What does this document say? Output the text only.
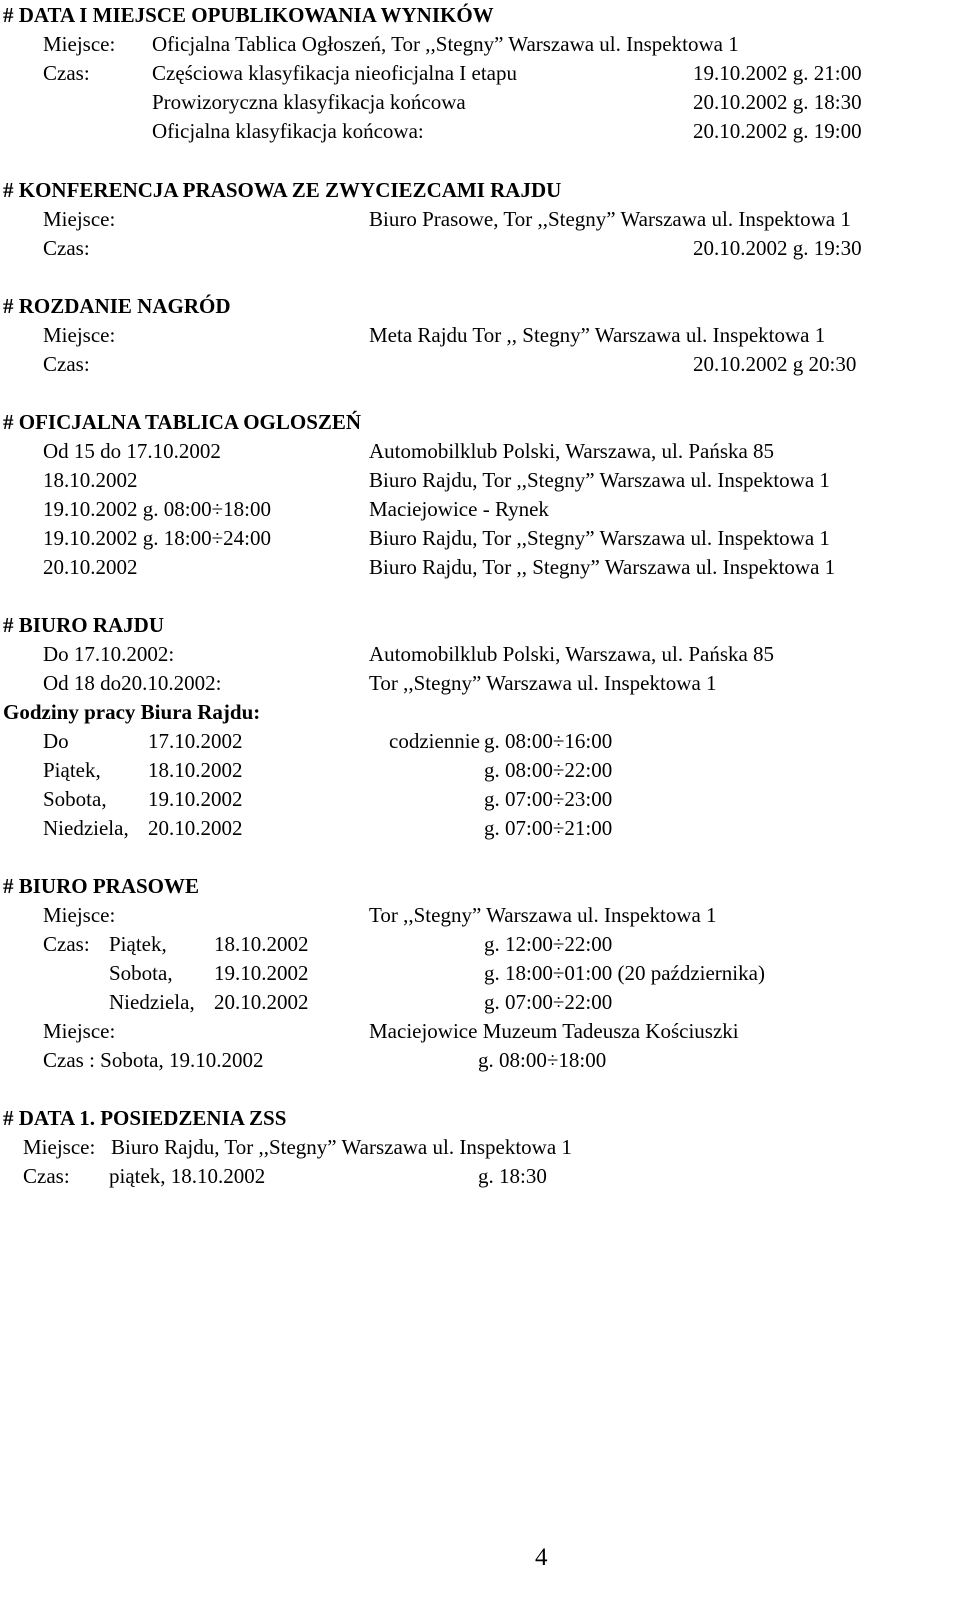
# DATA I MIEJSCE OPUBLIKOWANIA WYNIKÓW
Miejsce: Oficjalna Tablica Ogłoszeń, Tor ,,Stegny” Warszawa ul. Inspektowa 1
Czas:	Częściowa klasyfikacja nieoficjalna I etapu	19.10.2002 g. 21:00
Prowizoryczna klasyfikacja końcowa	20.10.2002 g. 18:30
Oficjalna klasyfikacja końcowa:	20.10.2002 g. 19:00
# KONFERENCJA PRASOWA ZE ZWYCIEZCAMI RAJDU
Miejsce:	Biuro Prasowe, Tor ,,Stegny” Warszawa ul. Inspektowa 1
Czas:	20.10.2002 g. 19:30
# ROZDANIE NAGRÓD
Miejsce:	Meta Rajdu Tor ,, Stegny” Warszawa ul. Inspektowa 1
Czas:	20.10.2002 g 20:30
# OFICJALNA TABLICA OGLOSZEŃ
Od 15 do 17.10.2002	Automobilklub Polski, Warszawa, ul. Pańska 85
18.10.2002	Biuro Rajdu, Tor ,,Stegny” Warszawa ul. Inspektowa 1
19.10.2002 g. 08:00÷18:00	Maciejowice - Rynek
19.10.2002 g. 18:00÷24:00	Biuro Rajdu, Tor ,,Stegny” Warszawa ul. Inspektowa 1
20.10.2002	Biuro Rajdu, Tor ,, Stegny” Warszawa ul. Inspektowa 1
# BIURO RAJDU
Do 17.10.2002:	Automobilklub Polski, Warszawa, ul. Pańska 85
Od 18 do20.10.2002:	Tor ,,Stegny” Warszawa ul. Inspektowa 1
Godziny pracy Biura Rajdu:
Do	17.10.2002	codziennie g. 08:00÷16:00
Piątek, 18.10.2002	g. 08:00÷22:00
Sobota, 19.10.2002	g. 07:00÷23:00
Niedziela, 20.10.2002	g. 07:00÷21:00
# BIURO PRASOWE
Miejsce:	Tor ,,Stegny” Warszawa ul. Inspektowa 1
Czas: Piątek, 18.10.2002	g. 12:00÷22:00
Sobota, 19.10.2002	g. 18:00÷01:00 (20 października)
Niedziela, 20.10.2002	g. 07:00÷22:00
Miejsce:	Maciejowice Muzeum Tadeusza Kościuszki
Czas : Sobota, 19.10.2002	g. 08:00÷18:00
# DATA 1. POSIEDZENIA ZSS
Miejsce: Biuro Rajdu, Tor ,,Stegny” Warszawa ul. Inspektowa 1
Czas: piątek, 18.10.2002	g. 18:30
4
